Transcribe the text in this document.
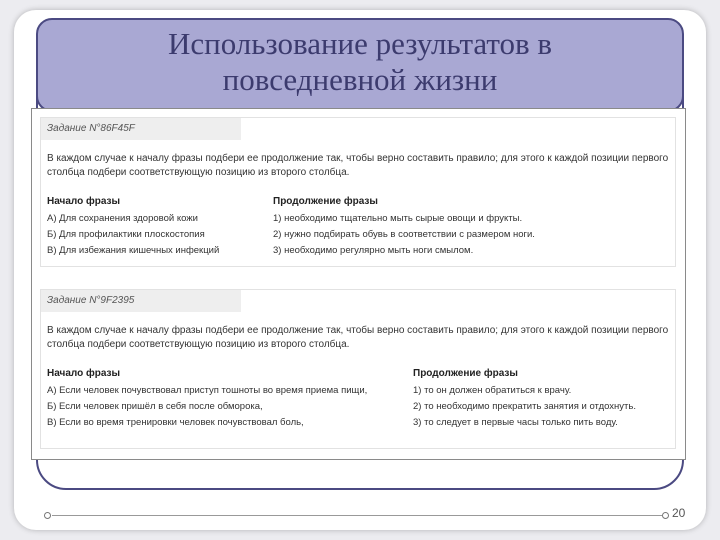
Использование результатов в
повседневной жизни
Задание N°86F45F

В каждом случае к началу фразы подбери ее продолжение так, чтобы верно составить правило; для этого к каждой позиции первого столбца подбери соответствующую позицию из второго столбца.

Начало фразы	Продолжение фразы
А) Для сохранения здоровой кожи
Б) Для профилактики плоскостопия
В) Для избежания кишечных инфекций
1) необходимо тщательно мыть сырые овощи и фрукты.
2) нужно подбирать обувь в соответствии с размером ноги.
3) необходимо регулярно мыть ноги смылом.
Задание N°9F2395

В каждом случае к началу фразы подбери ее продолжение так, чтобы верно составить правило; для этого к каждой позиции первого столбца подбери соответствующую позицию из второго столбца.

Начало фразы	Продолжение фразы
А) Если человек почувствовал приступ тошноты во время приема пищи,
Б) Если человек пришёл в себя после обморока,
В) Если во время тренировки человек почувствовал боль,
1) то он должен обратиться к врачу.
2) то необходимо прекратить занятия и отдохнуть.
3) то следует в первые часы только пить воду.
20
